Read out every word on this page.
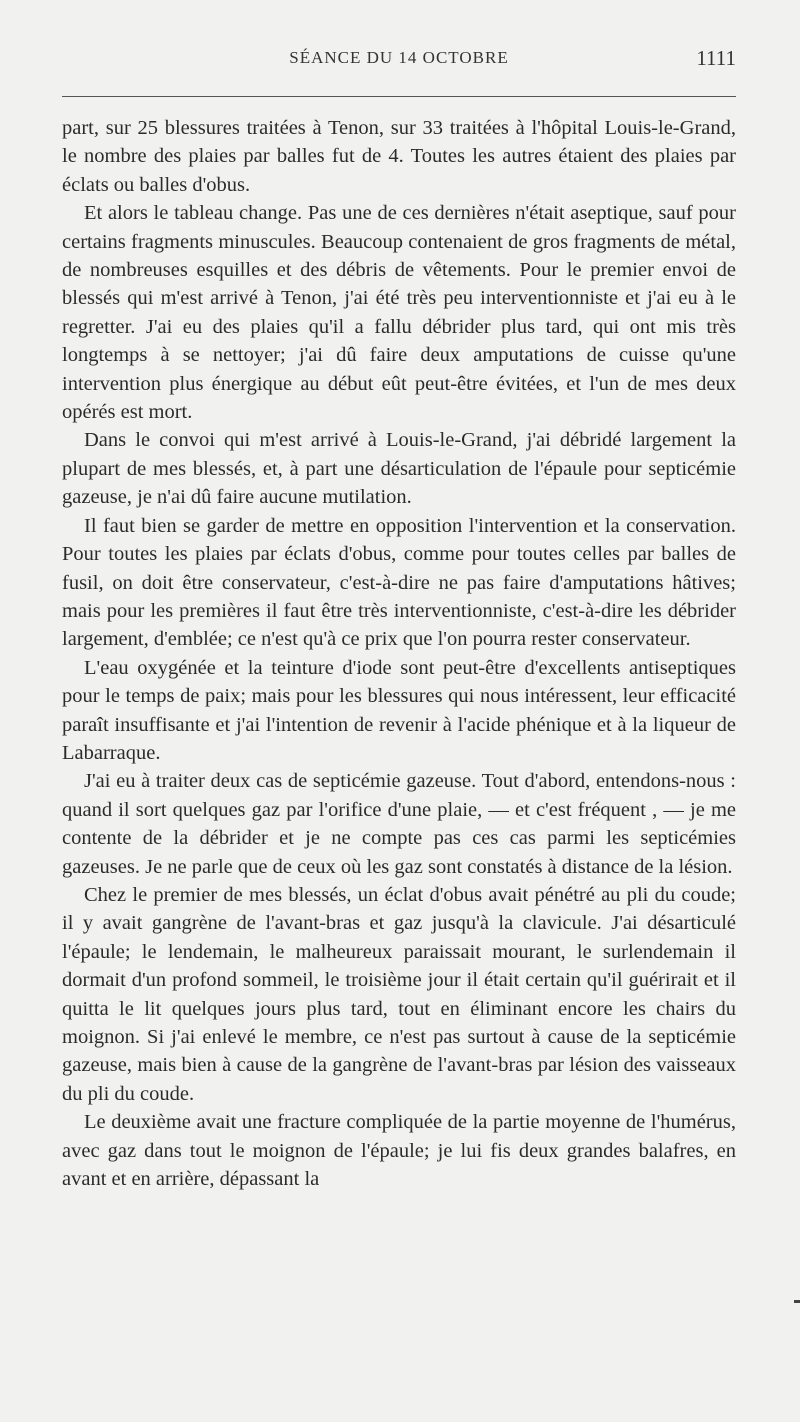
SÉANCE DU 14 OCTOBRE	1111

part, sur 25 blessures traitées à Tenon, sur 33 traitées à l'hôpital Louis-le-Grand, le nombre des plaies par balles fut de 4. Toutes les autres étaient des plaies par éclats ou balles d'obus.

Et alors le tableau change. Pas une de ces dernières n'était aseptique, sauf pour certains fragments minuscules. Beaucoup contenaient de gros fragments de métal, de nombreuses esquilles et des débris de vêtements. Pour le premier envoi de blessés qui m'est arrivé à Tenon, j'ai été très peu interventionniste et j'ai eu à le regretter. J'ai eu des plaies qu'il a fallu débrider plus tard, qui ont mis très longtemps à se nettoyer; j'ai dû faire deux amputations de cuisse qu'une intervention plus énergique au début eût peut-être évitées, et l'un de mes deux opérés est mort.

Dans le convoi qui m'est arrivé à Louis-le-Grand, j'ai débridé largement la plupart de mes blessés, et, à part une désarticulation de l'épaule pour septicémie gazeuse, je n'ai dû faire aucune mutilation.

Il faut bien se garder de mettre en opposition l'intervention et la conservation. Pour toutes les plaies par éclats d'obus, comme pour toutes celles par balles de fusil, on doit être conservateur, c'est-à-dire ne pas faire d'amputations hâtives; mais pour les premières il faut être très interventionniste, c'est-à-dire les débrider largement, d'emblée; ce n'est qu'à ce prix que l'on pourra rester conservateur.

L'eau oxygénée et la teinture d'iode sont peut-être d'excellents antiseptiques pour le temps de paix; mais pour les blessures qui nous intéressent, leur efficacité paraît insuffisante et j'ai l'intention de revenir à l'acide phénique et à la liqueur de Labarraque.

J'ai eu à traiter deux cas de septicémie gazeuse. Tout d'abord, entendons-nous : quand il sort quelques gaz par l'orifice d'une plaie, — et c'est fréquent , — je me contente de la débrider et je ne compte pas ces cas parmi les septicémies gazeuses. Je ne parle que de ceux où les gaz sont constatés à distance de la lésion.

Chez le premier de mes blessés, un éclat d'obus avait pénétré au pli du coude; il y avait gangrène de l'avant-bras et gaz jusqu'à la clavicule. J'ai désarticulé l'épaule; le lendemain, le malheureux paraissait mourant, le surlendemain il dormait d'un profond sommeil, le troisième jour il était certain qu'il guérirait et il quitta le lit quelques jours plus tard, tout en éliminant encore les chairs du moignon. Si j'ai enlevé le membre, ce n'est pas surtout à cause de la septicémie gazeuse, mais bien à cause de la gangrène de l'avant-bras par lésion des vaisseaux du pli du coude.

Le deuxième avait une fracture compliquée de la partie moyenne de l'humérus, avec gaz dans tout le moignon de l'épaule; je lui fis deux grandes balafres, en avant et en arrière, dépassant la
